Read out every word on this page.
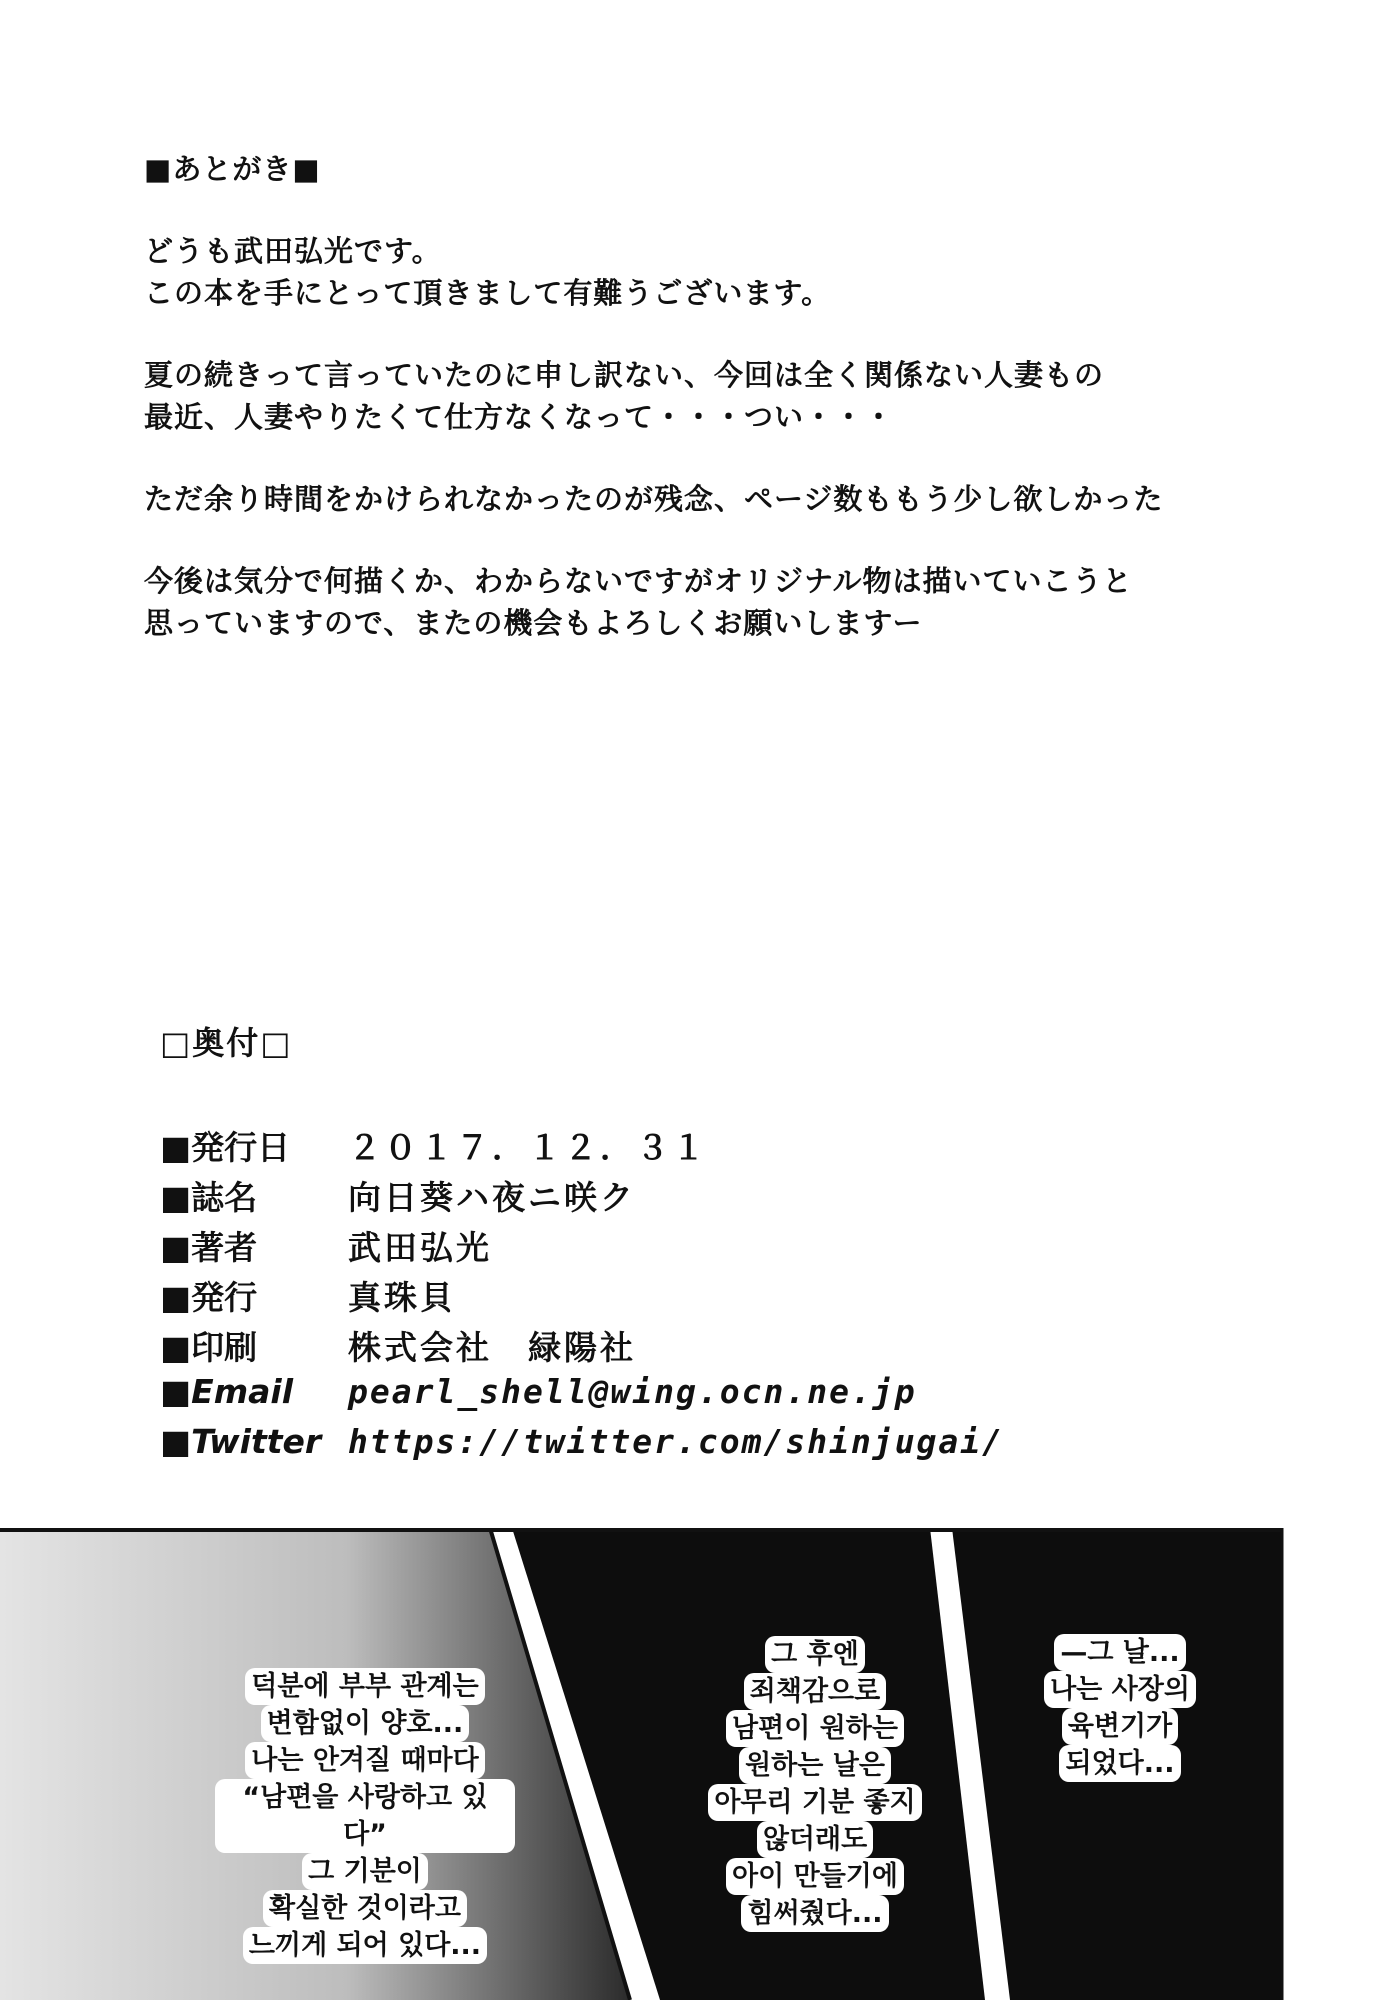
■あとがき■
どうも武田弘光です。
この本を手にとって頂きまして有難うございます。
夏の続きって言っていたのに申し訳ない、今回は全く関係ない人妻もの
最近、人妻やりたくて仕方なくなって・・・つい・・・
ただ余り時間をかけられなかったのが残念、ページ数ももう少し欲しかった
今後は気分で何描くか、わからないですがオリジナル物は描いていこうと
思っていますので、またの機会もよろしくお願いしますー
□奥付□
■発行日	２０１７．１２．３１
■誌名	向日葵ハ夜ニ咲ク
■著者	武田弘光
■発行	真珠貝
■印刷	株式会社　緑陽社
■Email	pearl_shell@wing.ocn.ne.jp
■Twitter https://twitter.com/shinjugai/
덕분에 부부 관계는
변함없이 양호...
나는 안겨질 때마다
“남편을 사랑하고 있다”
그 기분이
확실한 것이라고
느끼게 되어 있다...
그 후엔
죄책감으로
남편이 원하는
원하는 날은
아무리 기분 좋지
않더래도
아이 만들기에
힘써줬다...
—그 날...
나는 사장의
육변기가
되었다...
